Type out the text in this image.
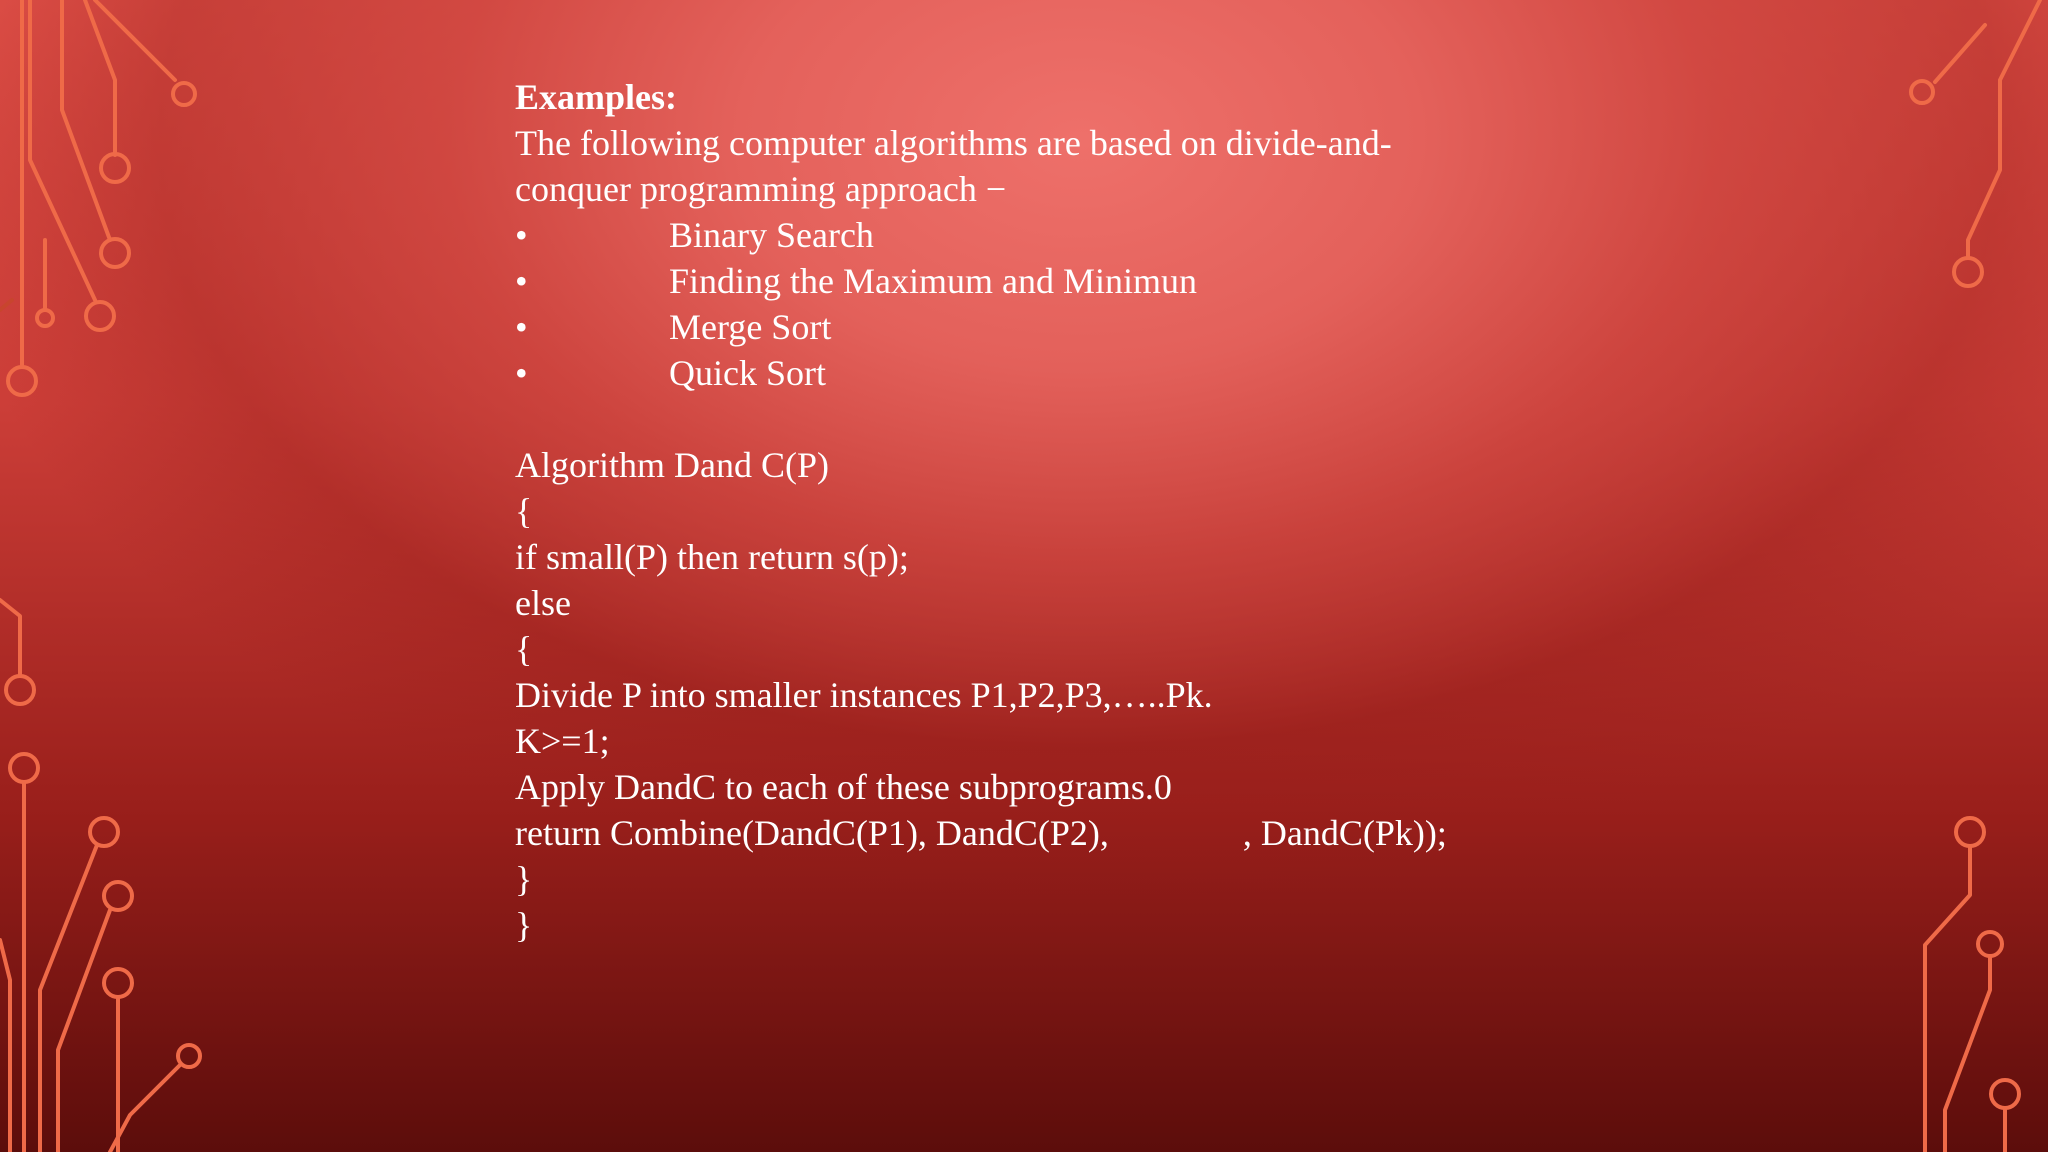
Examples:
The following computer algorithms are based on divide-and-
conquer programming approach −
•	Binary Search
•	Finding the Maximum and Minimun
•	Merge Sort
•	Quick Sort
Algorithm Dand C(P)
{
if small(P) then return s(p);
else
{
Divide P into smaller instances P1,P2,P3,…..Pk.
K>=1;
Apply DandC to each of these subprograms.0
return Combine(DandC(P1), DandC(P2),	, DandC(Pk));
}
}
